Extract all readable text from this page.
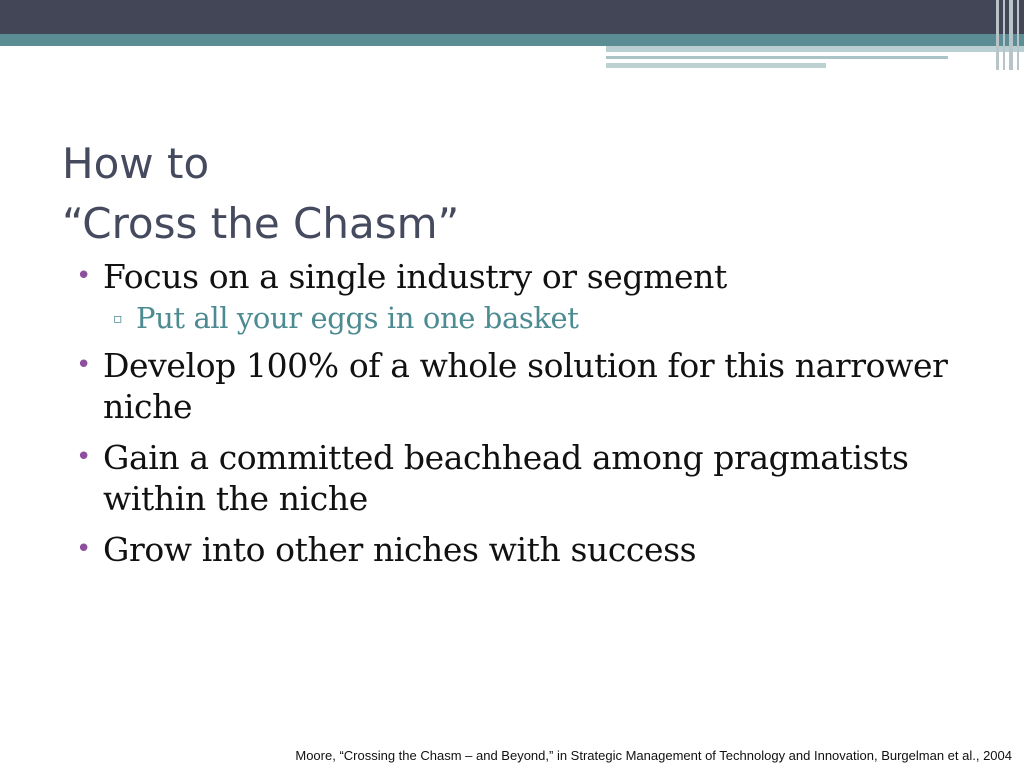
How to
“Cross the Chasm”
• Focus on a single industry or segment
▫ Put all your eggs in one basket
• Develop 100% of a whole solution for this narrower niche
• Gain a committed beachhead among pragmatists within the niche
• Grow into other niches with success

Moore, “Crossing the Chasm – and Beyond,” in Strategic Management of Technology and Innovation, Burgelman et al., 2004
